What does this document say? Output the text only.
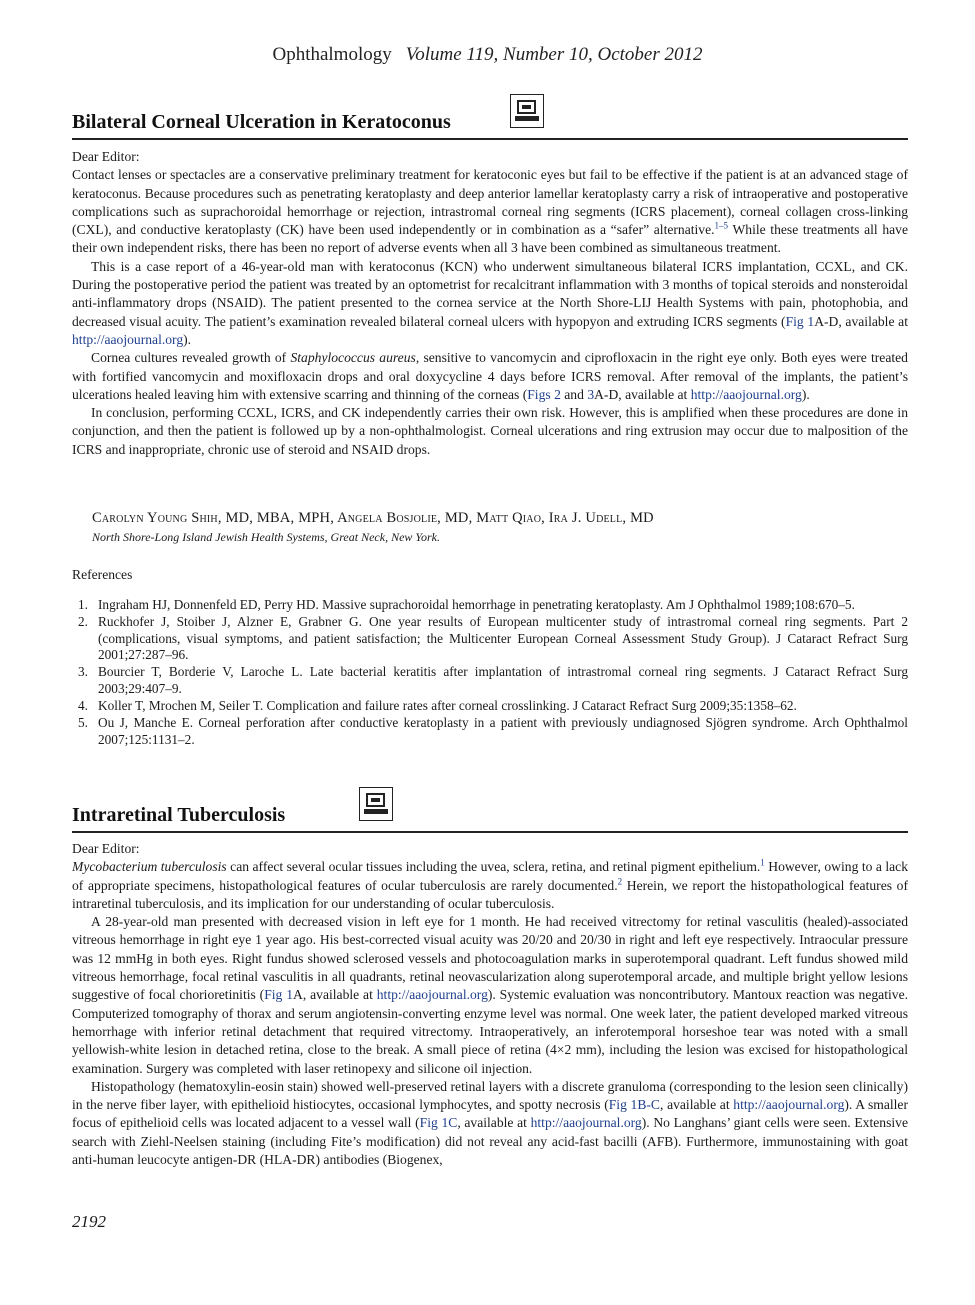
Ophthalmology Volume 119, Number 10, October 2012
Bilateral Corneal Ulceration in Keratoconus

Dear Editor:

Contact lenses or spectacles are a conservative preliminary treatment for keratoconic eyes but fail to be effective if the patient is at an advanced stage of keratoconus. Because procedures such as penetrating keratoplasty and deep anterior lamellar keratoplasty carry a risk of intraoperative and postoperative complications such as suprachoroidal hemorrhage or rejection, intrastromal corneal ring segments (ICRS placement), corneal collagen cross-linking (CXL), and conductive keratoplasty (CK) have been used independently or in combination as a “safer” alternative.$^{1-5}$ While these treatments all have their own independent risks, there has been no report of adverse events when all 3 have been combined as simultaneous treatment.

This is a case report of a 46-year-old man with keratoconus (KCN) who underwent simultaneous bilateral ICRS implantation, CCXL, and CK. During the postoperative period the patient was treated by an optometrist for recalcitrant inflammation with 3 months of topical steroids and nonsteroidal anti-inflammatory drops (NSAID). The patient presented to the cornea service at the North Shore-LIJ Health Systems with pain, photophobia, and decreased visual acuity. The patient’s examination revealed bilateral corneal ulcers with hypopyon and extruding ICRS segments (Fig 1A-D, available at http://aaojournal.org).

Cornea cultures revealed growth of Staphylococcus aureus, sensitive to vancomycin and ciprofloxacin in the right eye only. Both eyes were treated with fortified vancomycin and moxifloxacin drops and oral doxycycline 4 days before ICRS removal. After removal of the implants, the patient’s ulcerations healed leaving him with extensive scarring and thinning of the corneas (Figs 2 and 3A-D, available at http://aaojournal.org).

In conclusion, performing CCXL, ICRS, and CK independently carries their own risk. However, this is amplified when these procedures are done in conjunction, and then the patient is followed up by a non-ophthalmologist. Corneal ulcerations and ring extrusion may occur due to malposition of the ICRS and inappropriate, chronic use of steroid and NSAID drops.

Carolyn Young Shih, MD, MBA, MPH, Angela Bosjolie, MD, Matt Qiao, Ira J. Udell, MD
North Shore-Long Island Jewish Health Systems, Great Neck, New York.
References
1. Ingraham HJ, Donnenfeld ED, Perry HD. Massive suprachoroidal hemorrhage in penetrating keratoplasty. Am J Ophthalmol 1989;108:670–5.
2. Ruckhofer J, Stoiber J, Alzner E, Grabner G. One year results of European multicenter study of intrastromal corneal ring segments. Part 2 (complications, visual symptoms, and patient satisfaction; the Multicenter European Corneal Assessment Study Group). J Cataract Refract Surg 2001;27:287–96.
3. Bourcier T, Borderie V, Laroche L. Late bacterial keratitis after implantation of intrastromal corneal ring segments. J Cataract Refract Surg 2003;29:407–9.
4. Koller T, Mrochen M, Seiler T. Complication and failure rates after corneal crosslinking. J Cataract Refract Surg 2009;35:1358–62.
5. Ou J, Manche E. Corneal perforation after conductive keratoplasty in a patient with previously undiagnosed Sjögren syndrome. Arch Ophthalmol 2007;125:1131–2.
Intraretinal Tuberculosis

Dear Editor:

Mycobacterium tuberculosis can affect several ocular tissues including the uvea, sclera, retina, and retinal pigment epithelium.$^1$ However, owing to a lack of appropriate specimens, histopathological features of ocular tuberculosis are rarely documented.$^2$ Herein, we report the histopathological features of intraretinal tuberculosis, and its implication for our understanding of ocular tuberculosis.

A 28-year-old man presented with decreased vision in left eye for 1 month. He had received vitrectomy for retinal vasculitis (healed)-associated vitreous hemorrhage in right eye 1 year ago. His best-corrected visual acuity was 20/20 and 20/30 in right and left eye respectively. Intraocular pressure was 12 mmHg in both eyes. Right fundus showed sclerosed vessels and photocoagulation marks in superotemporal quadrant. Left fundus showed mild vitreous hemorrhage, focal retinal vasculitis in all quadrants, retinal neovascularization along superotemporal arcade, and multiple bright yellow lesions suggestive of focal chorioretinitis (Fig 1A, available at http://aaojournal.org). Systemic evaluation was noncontributory. Mantoux reaction was negative. Computerized tomography of thorax and serum angiotensin-converting enzyme level was normal. One week later, the patient developed marked vitreous hemorrhage with inferior retinal detachment that required vitrectomy. Intraoperatively, an inferotemporal horseshoe tear was noted with a small yellowish-white lesion in detached retina, close to the break. A small piece of retina (4×2 mm), including the lesion was excised for histopathological examination. Surgery was completed with laser retinopexy and silicone oil injection.

Histopathology (hematoxylin-eosin stain) showed well-preserved retinal layers with a discrete granuloma (corresponding to the lesion seen clinically) in the nerve fiber layer, with epithelioid histiocytes, occasional lymphocytes, and spotty necrosis (Fig 1B-C, available at http://aaojournal.org). A smaller focus of epithelioid cells was located adjacent to a vessel wall (Fig 1C, available at http://aaojournal.org). No Langhans’ giant cells were seen. Extensive search with Ziehl-Neelsen staining (including Fite’s modification) did not reveal any acid-fast bacilli (AFB). Furthermore, immunostaining with goat anti-human leucocyte antigen-DR (HLA-DR) antibodies (Biogenex,

2192
